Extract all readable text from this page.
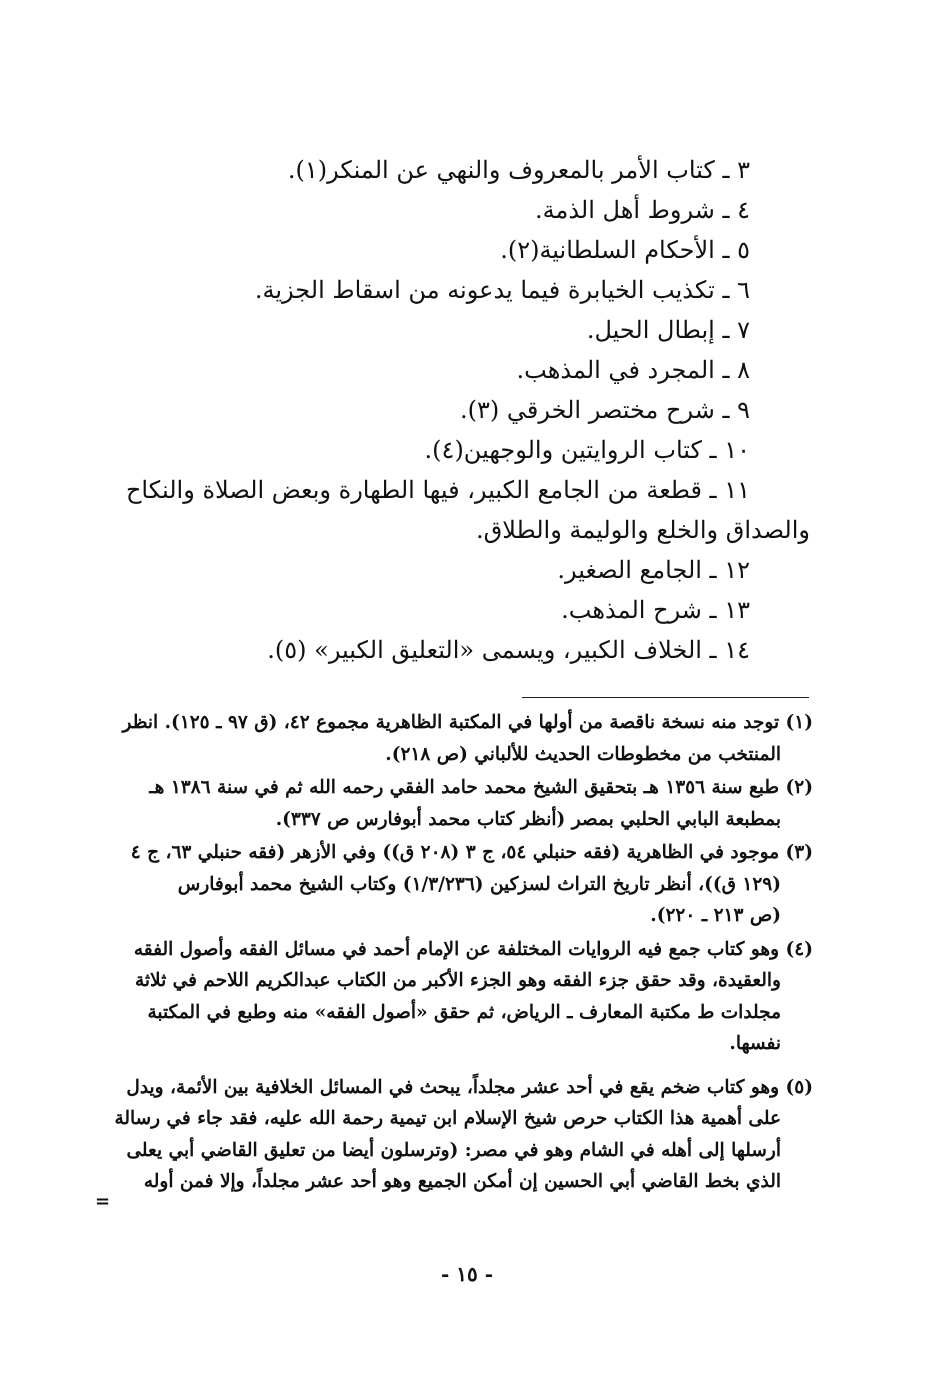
٣ ـ كتاب الأمر بالمعروف والنهي عن المنكر(١).
٤ ـ شروط أهل الذمة.
٥ ـ الأحكام السلطانية(٢).
٦ ـ تكذيب الخيابرة فيما يدعونه من اسقاط الجزية.
٧ ـ إبطال الحيل.
٨ ـ المجرد في المذهب.
٩ ـ شرح مختصر الخرقي (٣).
١٠ ـ كتاب الروايتين والوجهين(٤).
١١ ـ قطعة من الجامع الكبير، فيها الطهارة وبعض الصلاة والنكاح
والصداق والخلع والوليمة والطلاق.
١٢ ـ الجامع الصغير.
١٣ ـ شرح المذهب.
١٤ ـ الخلاف الكبير، ويسمى «التعليق الكبير» (٥).
(١) توجد منه نسخة ناقصة من أولها في المكتبة الظاهرية مجموع ٤٢، (ق ٩٧ ـ ١٢٥). انظر
المنتخب من مخطوطات الحديث للألباني (ص ٢١٨).
(٢) طبع سنة ١٣٥٦ هـ بتحقيق الشيخ محمد حامد الفقي رحمه الله ثم في سنة ١٣٨٦ هـ
بمطبعة البابي الحلبي بمصر (أنظر كتاب محمد أبوفارس ص ٣٣٧).
(٣) موجود في الظاهرية (فقه حنبلي ٥٤، ج ٣ (٢٠٨ ق)) وفي الأزهر (فقه حنبلي ٦٣، ج ٤
(١٢٩ ق))، أنظر تاريخ التراث لسزكين (١/٣/٢٣٦) وكتاب الشيخ محمد أبوفارس
(ص ٢١٣ ـ ٢٢٠).
(٤) وهو كتاب جمع فيه الروايات المختلفة عن الإمام أحمد في مسائل الفقه وأصول الفقه
والعقيدة، وقد حقق جزء الفقه وهو الجزء الأكبر من الكتاب عبدالكريم اللاحم في ثلاثة
مجلدات ط مكتبة المعارف ـ الرياض، ثم حقق «أصول الفقه» منه وطبع في المكتبة
نفسها.
(٥) وهو كتاب ضخم يقع في أحد عشر مجلداً، يبحث في المسائل الخلافية بين الأئمة، ويدل
على أهمية هذا الكتاب حرص شيخ الإسلام ابن تيمية رحمة الله عليه، فقد جاء في رسالة
أرسلها إلى أهله في الشام وهو في مصر: (وترسلون أيضا من تعليق القاضي أبي يعلى
الذي بخط القاضي أبي الحسين إن أمكن الجميع وهو أحد عشر مجلداً، وإلا فمن أوله
=
- ١٥ -
